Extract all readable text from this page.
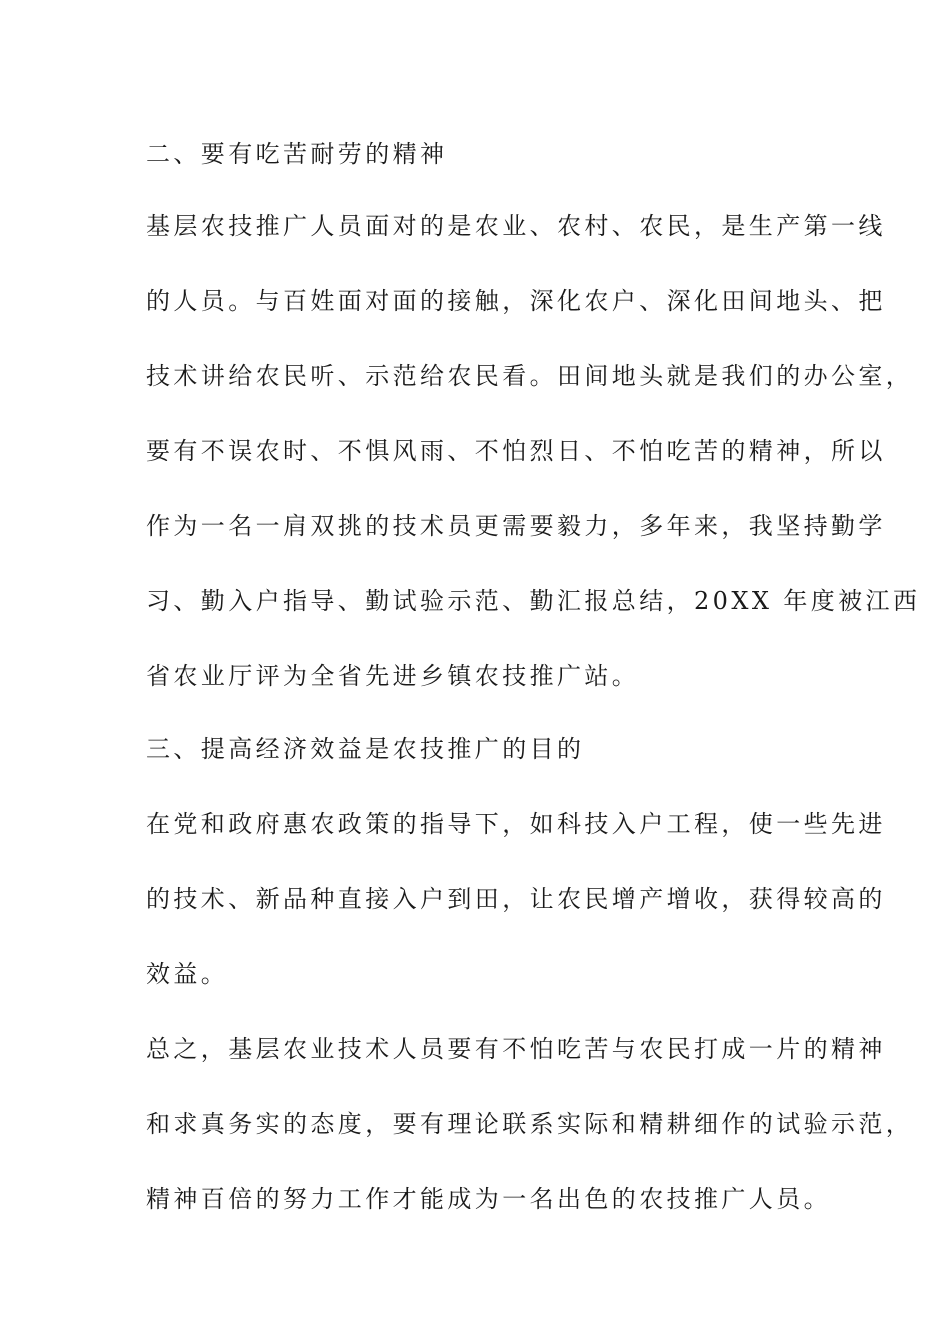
二、要有吃苦耐劳的精神
基层农技推广人员面对的是农业、农村、农民，是生产第一线
的人员。与百姓面对面的接触，深化农户、深化田间地头、把
技术讲给农民听、示范给农民看。田间地头就是我们的办公室，
要有不误农时、不惧风雨、不怕烈日、不怕吃苦的精神，所以
作为一名一肩双挑的技术员更需要毅力，多年来，我坚持勤学
习、勤入户指导、勤试验示范、勤汇报总结，20XX 年度被江西
省农业厅评为全省先进乡镇农技推广站。
三、提高经济效益是农技推广的目的
在党和政府惠农政策的指导下，如科技入户工程，使一些先进
的技术、新品种直接入户到田，让农民增产增收，获得较高的
效益。
总之，基层农业技术人员要有不怕吃苦与农民打成一片的精神
和求真务实的态度，要有理论联系实际和精耕细作的试验示范，
精神百倍的努力工作才能成为一名出色的农技推广人员。
